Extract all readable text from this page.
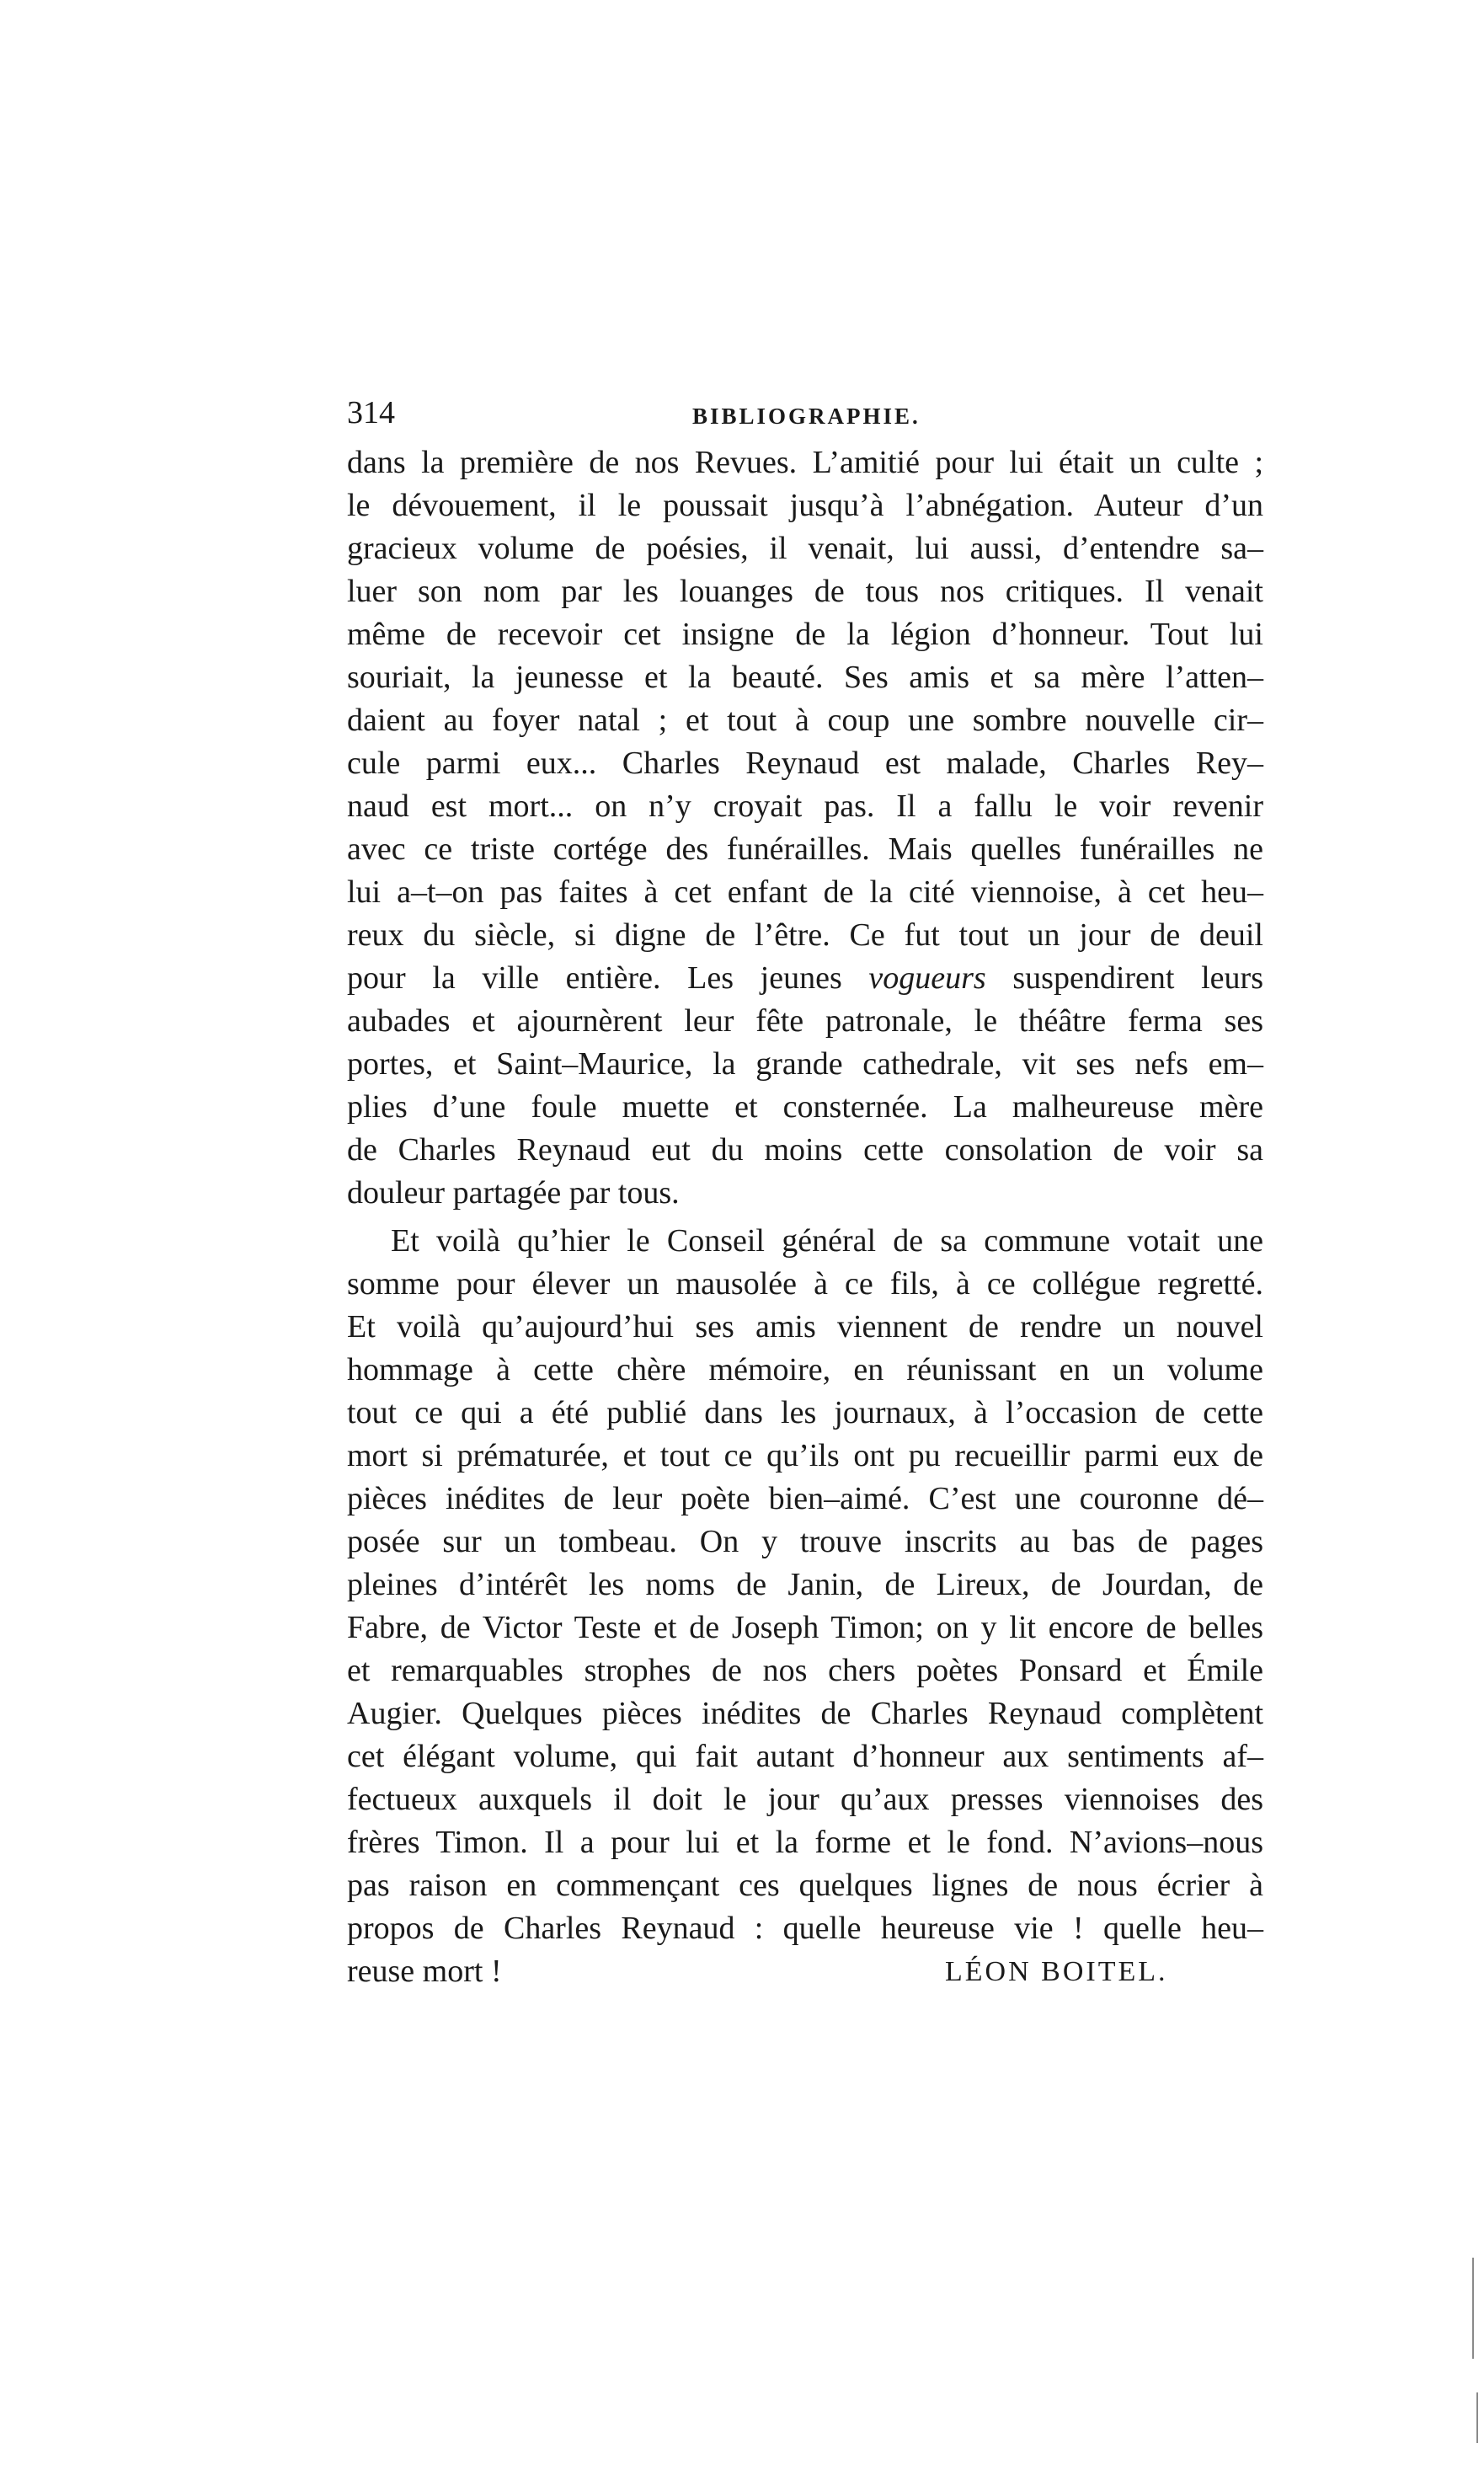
314	BIBLIOGRAPHIE.
dans la première de nos Revues. L’amitié pour lui était un culte ;
le dévouement, il le poussait jusqu’à l’abnégation. Auteur d’un
gracieux volume de poésies, il venait, lui aussi, d’entendre sa–
luer son nom par les louanges de tous nos critiques. Il venait
même de recevoir cet insigne de la légion d’honneur. Tout lui
souriait, la jeunesse et la beauté. Ses amis et sa mère l’atten–
daient au foyer natal ; et tout à coup une sombre nouvelle cir–
cule parmi eux... Charles Reynaud est malade, Charles Rey–
naud est mort... on n’y croyait pas. Il a fallu le voir revenir
avec ce triste cortége des funérailles. Mais quelles funérailles ne
lui a–t–on pas faites à cet enfant de la cité viennoise, à cet heu–
reux du siècle, si digne de l’être. Ce fut tout un jour de deuil
pour la ville entière. Les jeunes vogueurs suspendirent leurs
aubades et ajournèrent leur fête patronale, le théâtre ferma ses
portes, et Saint–Maurice, la grande cathedrale, vit ses nefs em–
plies d’une foule muette et consternée. La malheureuse mère
de Charles Reynaud eut du moins cette consolation de voir sa
douleur partagée par tous.
Et voilà qu’hier le Conseil général de sa commune votait une
somme pour élever un mausolée à ce fils, à ce collégue regretté.
Et voilà qu’aujourd’hui ses amis viennent de rendre un nouvel
hommage à cette chère mémoire, en réunissant en un volume
tout ce qui a été publié dans les journaux, à l’occasion de cette
mort si prématurée, et tout ce qu’ils ont pu recueillir parmi eux de
pièces inédites de leur poète bien–aimé. C’est une couronne dé–
posée sur un tombeau. On y trouve inscrits au bas de pages
pleines d’intérêt les noms de Janin, de Lireux, de Jourdan, de
Fabre, de Victor Teste et de Joseph Timon; on y lit encore de belles
et remarquables strophes de nos chers poètes Ponsard et Émile
Augier. Quelques pièces inédites de Charles Reynaud complètent
cet élégant volume, qui fait autant d’honneur aux sentiments af–
fectueux auxquels il doit le jour qu’aux presses viennoises des
frères Timon. Il a pour lui et la forme et le fond. N’avions–nous
pas raison en commençant ces quelques lignes de nous écrier à
propos de Charles Reynaud : quelle heureuse vie ! quelle heu–
reuse mort !	LÉON BOITEL.
